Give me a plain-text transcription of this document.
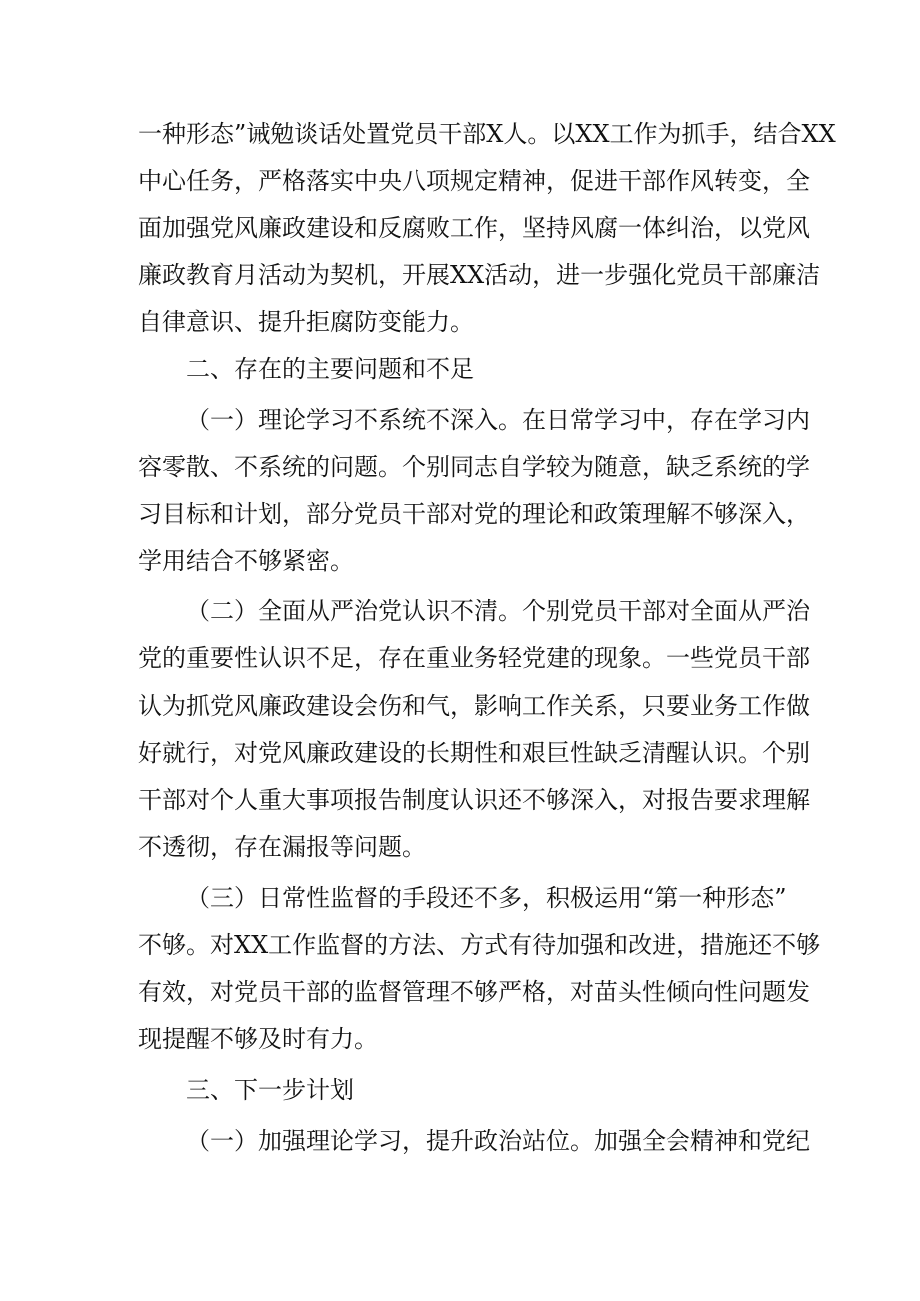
一种形态”诫勉谈话处置党员干部X人。以XX工作为抓手，结合XX
中心任务，严格落实中央八项规定精神，促进干部作风转变，全
面加强党风廉政建设和反腐败工作，坚持风腐一体纠治，以党风
廉政教育月活动为契机，开展XX活动，进一步强化党员干部廉洁
自律意识、提升拒腐防变能力。
二、存在的主要问题和不足
（一）理论学习不系统不深入。在日常学习中，存在学习内
容零散、不系统的问题。个别同志自学较为随意，缺乏系统的学
习目标和计划，部分党员干部对党的理论和政策理解不够深入，
学用结合不够紧密。
（二）全面从严治党认识不清。个别党员干部对全面从严治
党的重要性认识不足，存在重业务轻党建的现象。一些党员干部
认为抓党风廉政建设会伤和气，影响工作关系，只要业务工作做
好就行，对党风廉政建设的长期性和艰巨性缺乏清醒认识。个别
干部对个人重大事项报告制度认识还不够深入，对报告要求理解
不透彻，存在漏报等问题。
（三）日常性监督的手段还不多，积极运用“第一种形态”
不够。对XX工作监督的方法、方式有待加强和改进，措施还不够
有效，对党员干部的监督管理不够严格，对苗头性倾向性问题发
现提醒不够及时有力。
三、下一步计划
（一）加强理论学习，提升政治站位。加强全会精神和党纪
